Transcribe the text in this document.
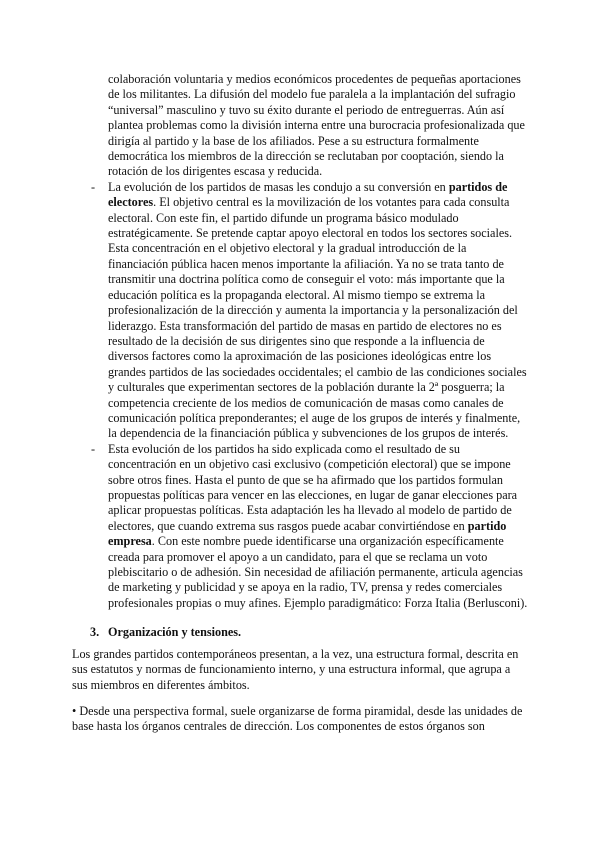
colaboración voluntaria y medios económicos procedentes de pequeñas aportaciones de los militantes. La difusión del modelo fue paralela a la implantación del sufragio “universal” masculino y tuvo su éxito durante el periodo de entreguerras. Aún así plantea problemas como la división interna entre una burocracia profesionalizada que dirigía al partido y la base de los afiliados. Pese a su estructura formalmente democrática los miembros de la dirección se reclutaban por cooptación, siendo la rotación de los dirigentes escasa y reducida.

- La evolución de los partidos de masas les condujo a su conversión en partidos de electores. El objetivo central es la movilización de los votantes para cada consulta electoral. Con este fin, el partido difunde un programa básico modulado estratégicamente. Se pretende captar apoyo electoral en todos los sectores sociales. Esta concentración en el objetivo electoral y la gradual introducción de la financiación pública hacen menos importante la afiliación. Ya no se trata tanto de transmitir una doctrina política como de conseguir el voto: más importante que la educación política es la propaganda electoral. Al mismo tiempo se extrema la profesionalización de la dirección y aumenta la importancia y la personalización del liderazgo. Esta transformación del partido de masas en partido de electores no es resultado de la decisión de sus dirigentes sino que responde a la influencia de diversos factores como la aproximación de las posiciones ideológicas entre los grandes partidos de las sociedades occidentales; el cambio de las condiciones sociales y culturales que experimentan sectores de la población durante la 2ª posguerra; la competencia creciente de los medios de comunicación de masas como canales de comunicación política preponderantes; el auge de los grupos de interés y finalmente, la dependencia de la financiación pública y subvenciones de los grupos de interés.

- Esta evolución de los partidos ha sido explicada como el resultado de su concentración en un objetivo casi exclusivo (competición electoral) que se impone sobre otros fines. Hasta el punto de que se ha afirmado que los partidos formulan propuestas políticas para vencer en las elecciones, en lugar de ganar elecciones para aplicar propuestas políticas. Esta adaptación les ha llevado al modelo de partido de electores, que cuando extrema sus rasgos puede acabar convirtiéndose en partido empresa. Con este nombre puede identificarse una organización específicamente creada para promover el apoyo a un candidato, para el que se reclama un voto plebiscitario o de adhesión. Sin necesidad de afiliación permanente, articula agencias de marketing y publicidad y se apoya en la radio, TV, prensa y redes comerciales profesionales propias o muy afines. Ejemplo paradigmático: Forza Italia (Berlusconi).

3. Organización y tensiones.

Los grandes partidos contemporáneos presentan, a la vez, una estructura formal, descrita en sus estatutos y normas de funcionamiento interno, y una estructura informal, que agrupa a sus miembros en diferentes ámbitos.

• Desde una perspectiva formal, suele organizarse de forma piramidal, desde las unidades de base hasta los órganos centrales de dirección. Los componentes de estos órganos son
